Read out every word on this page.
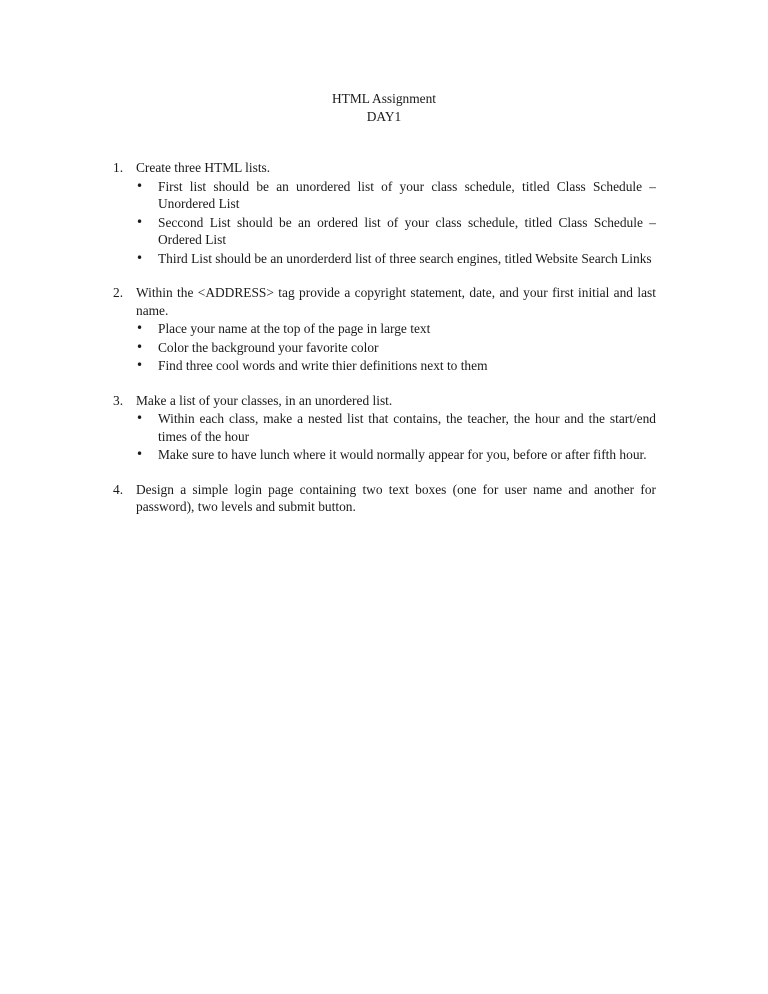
HTML Assignment
DAY1
1. Create three HTML lists.
• First list should be an unordered list of your class schedule, titled Class Schedule – Unordered List
• Seccond List should be an ordered list of your class schedule, titled Class Schedule – Ordered List
• Third List should be an unorderderd list of three search engines, titled Website Search Links
2. Within the <ADDRESS> tag provide a copyright statement, date, and your first initial and last name.
• Place your name at the top of the page in large text
• Color the background your favorite color
• Find three cool words and write thier definitions next to them
3. Make a list of your classes, in an unordered list.
• Within each class, make a nested list that contains, the teacher, the hour and the start/end times of the hour
• Make sure to have lunch where it would normally appear for you, before or after fifth hour.
4. Design a simple login page containing two text boxes (one for user name and another for password), two levels and submit button.
